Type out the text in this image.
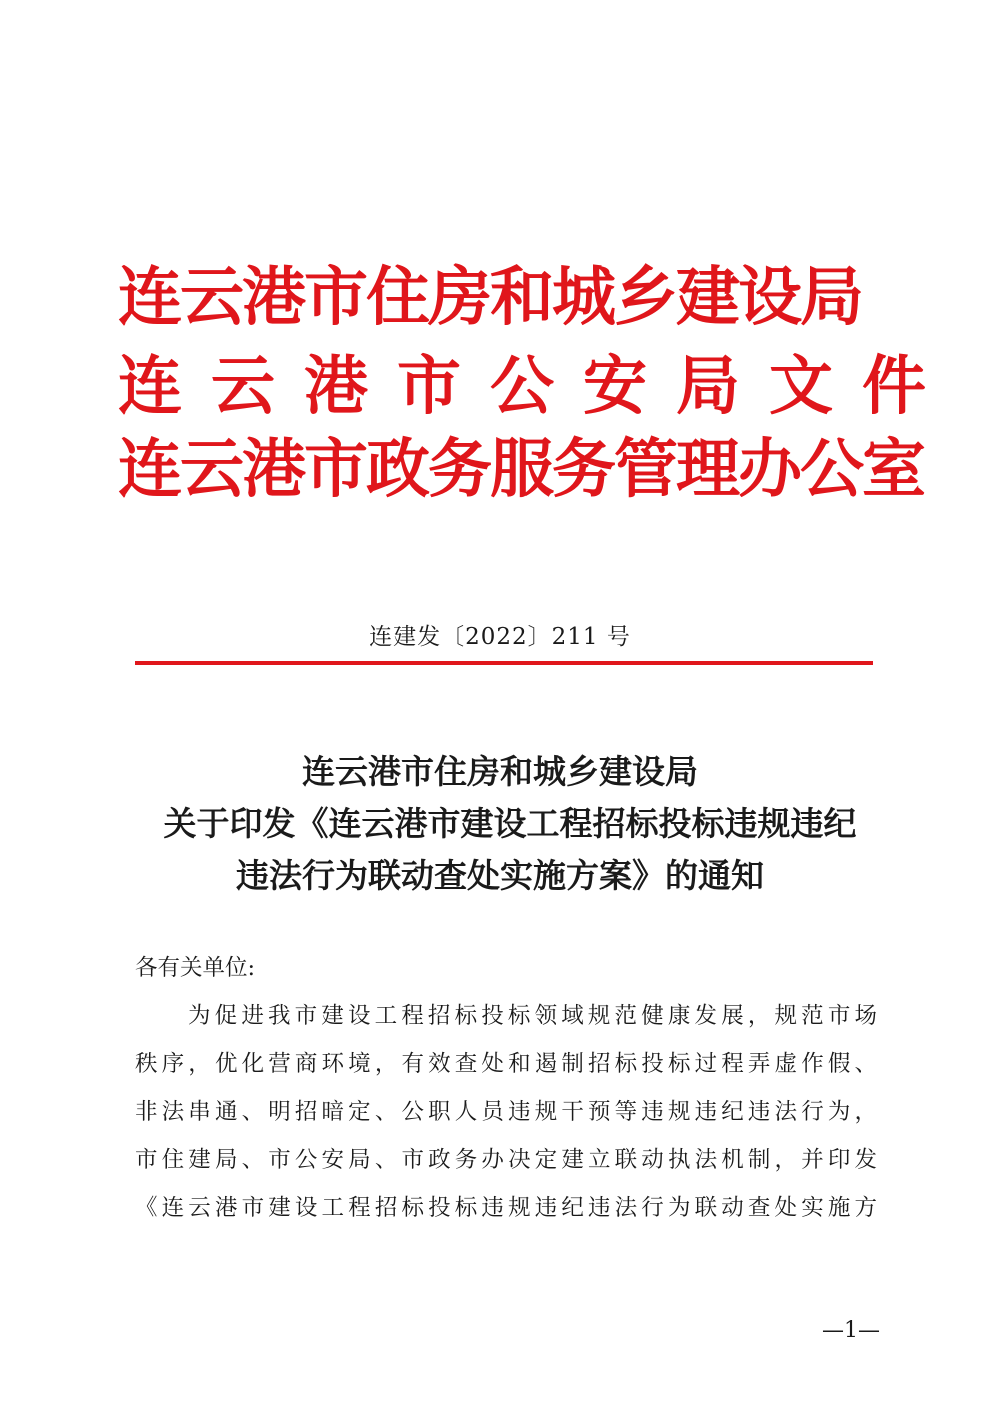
连云港市住房和城乡建设局
连云港市公安局文件
连云港市政务服务管理办公室
连建发〔2022〕211 号
连云港市住房和城乡建设局
关于印发《连云港市建设工程招标投标违规违纪
违法行为联动查处实施方案》的通知
各有关单位:
为促进我市建设工程招标投标领域规范健康发展，规范市场
秩序，优化营商环境，有效查处和遏制招标投标过程弄虚作假、
非法串通、明招暗定、公职人员违规干预等违规违纪违法行为，
市住建局、市公安局、市政务办决定建立联动执法机制，并印发
《连云港市建设工程招标投标违规违纪违法行为联动查处实施方
—1—
